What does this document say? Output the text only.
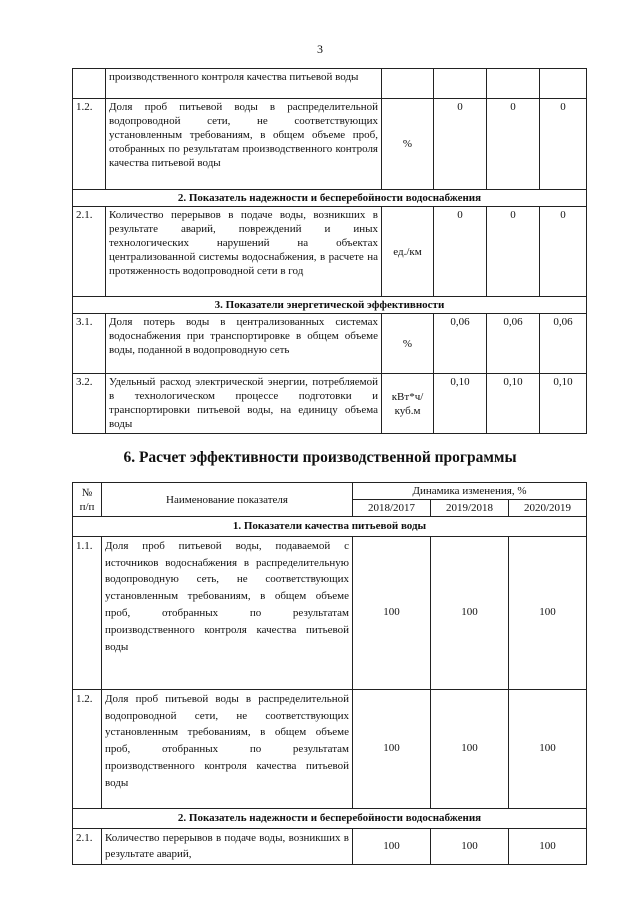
3
	производственного контроля качества питьевой воды				
1.2.	Доля проб питьевой воды в распределительной водопроводной сети, не соответствующих установленным требованиям, в общем объеме проб, отобранных по результатам производственного контроля качества питьевой воды	%	0	0	0
2. Показатель надежности и бесперебойности водоснабжения					
2.1.	Количество перерывов в подаче воды, возникших в результате аварий, повреждений и иных технологических нарушений на объектах централизованной системы водоснабжения, в расчете на протяженность водопроводной сети в год	ед./км	0	0	0
3. Показатели энергетической эффективности					
3.1.	Доля потерь воды в централизованных системах водоснабжения при транспортировке в общем объеме воды, поданной в водопроводную сеть	%	0,06	0,06	0,06
3.2.	Удельный расход электрической энергии, потребляемой в технологическом процессе подготовки и транспортировки питьевой воды, на единицу объема воды	кВт*ч/ куб.м	0,10	0,10	0,10
6. Расчет эффективности производственной программы
№
п/п	Наименование показателя	Динамика изменения, %		
		2018/2017	2019/2018	2020/2019
1. Показатели качества питьевой воды				
1.1.	Доля проб питьевой воды, подаваемой с источников водоснабжения в распределительную водопроводную сеть, не соответствующих установленным требованиям, в общем объеме проб, отобранных по результатам производственного контроля качества питьевой воды	100	100	100
1.2.	Доля проб питьевой воды в распределительной водопроводной сети, не соответствующих установленным требованиям, в общем объеме проб, отобранных по результатам производственного контроля качества питьевой воды	100	100	100
2. Показатель надежности и бесперебойности водоснабжения				
2.1.	Количество перерывов в подаче воды, возникших в результате аварий,	100	100	100
